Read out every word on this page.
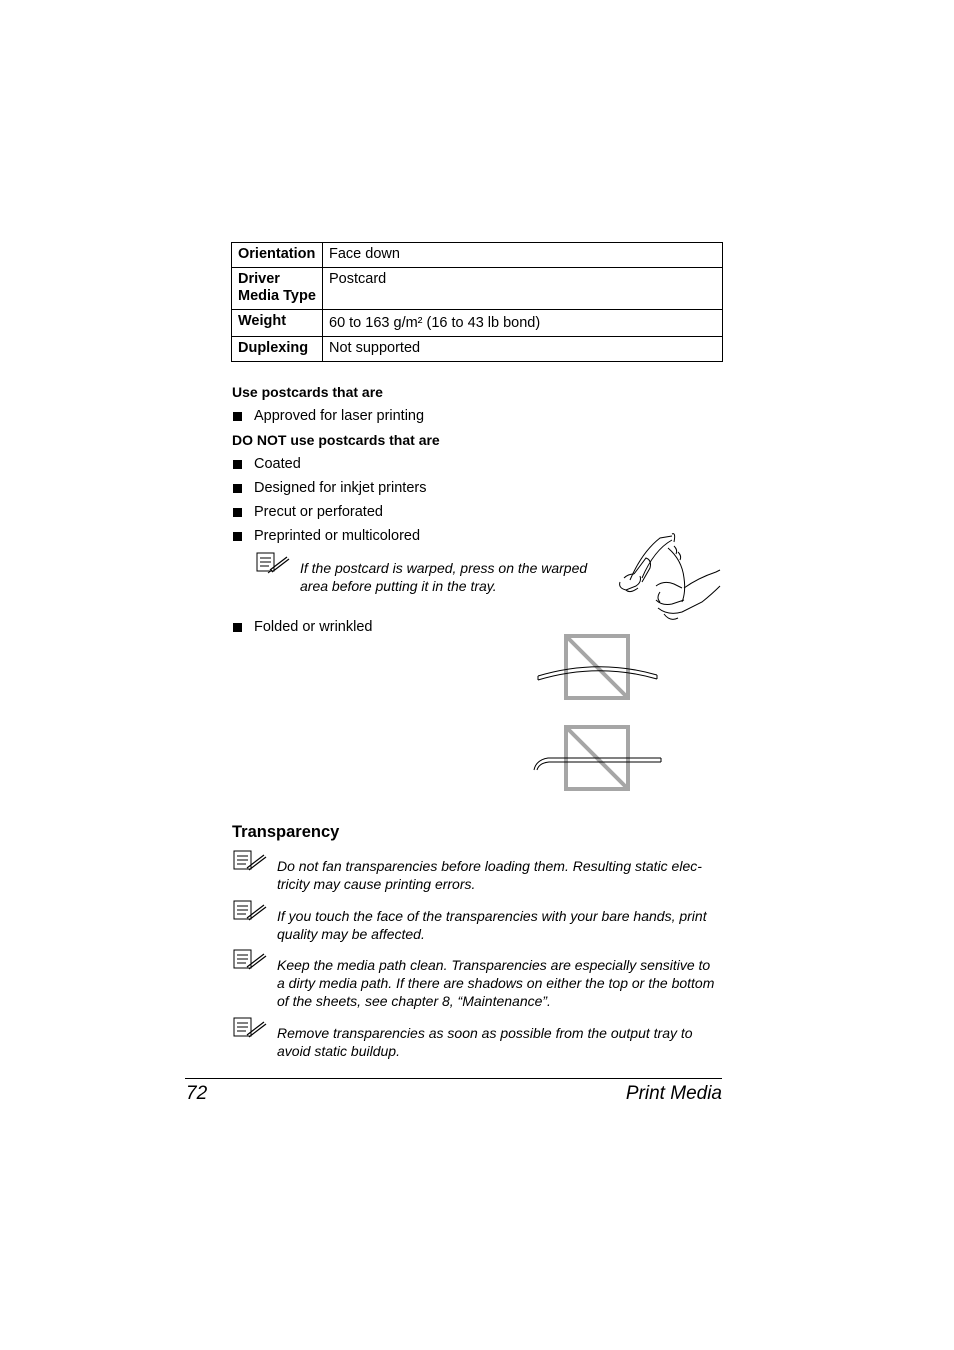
Orientation	Face down
Driver Media Type	Postcard
Weight	60 to 163 g/m² (16 to 43 lb bond)
Duplexing	Not supported
Use postcards that are
Approved for laser printing
DO NOT use postcards that are
Coated
Designed for inkjet printers
Precut or perforated
Preprinted or multicolored
If the postcard is warped, press on the warped
area before putting it in the tray.
Folded or wrinkled
Transparency
Do not fan transparencies before loading them. Resulting static elec-
tricity may cause printing errors.
If you touch the face of the transparencies with your bare hands, print
quality may be affected.
Keep the media path clean. Transparencies are especially sensitive to
a dirty media path. If there are shadows on either the top or the bottom
of the sheets, see chapter 8, “Maintenance”.
Remove transparencies as soon as possible from the output tray to
avoid static buildup.
72	Print Media
